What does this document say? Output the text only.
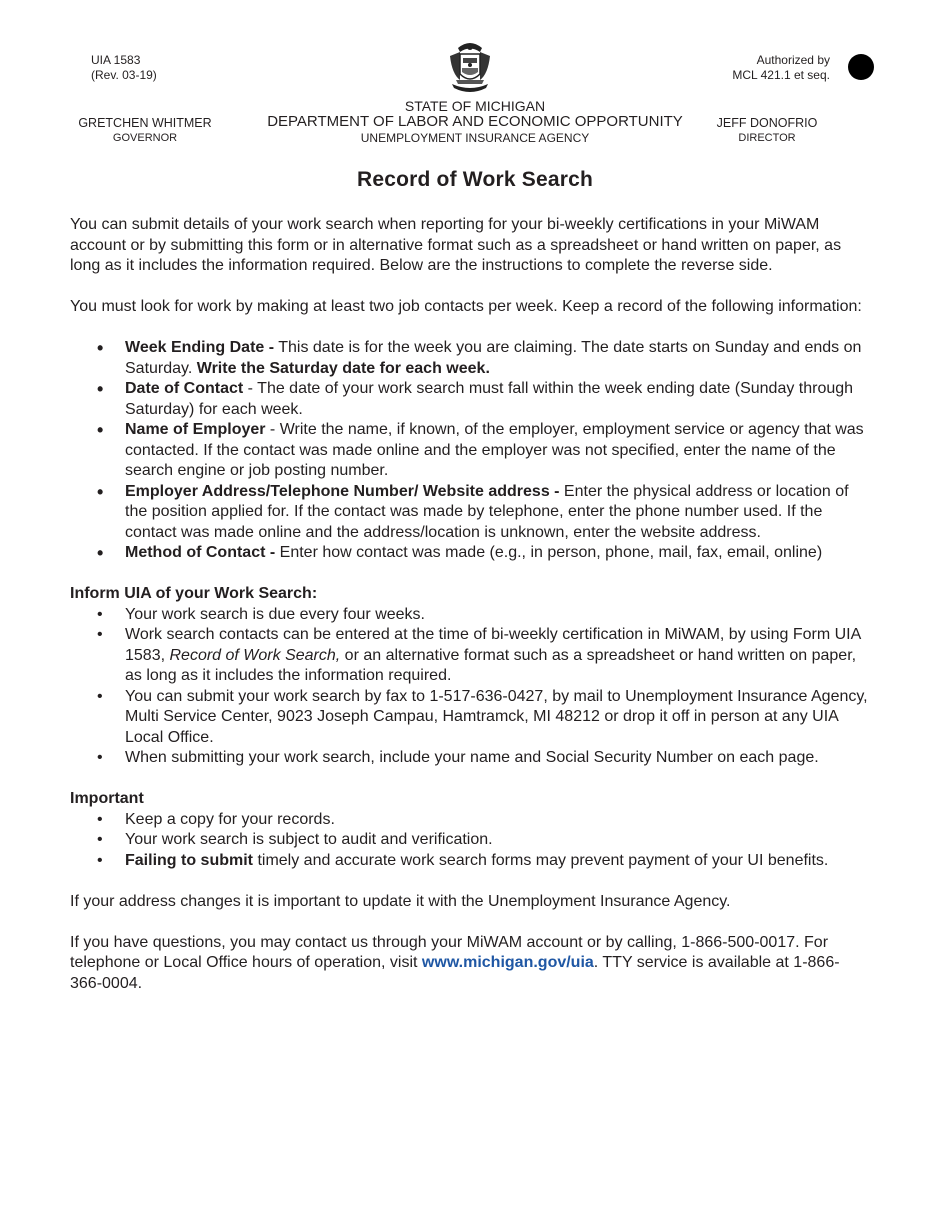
UIA 1583
(Rev. 03-19)
Authorized by
MCL 421.1 et seq.
STATE OF MICHIGAN
DEPARTMENT OF LABOR AND ECONOMIC OPPORTUNITY
UNEMPLOYMENT INSURANCE AGENCY
GRETCHEN WHITMER
GOVERNOR
JEFF DONOFRIO
DIRECTOR
Record of Work Search

You can submit details of your work search when reporting for your bi-weekly certifications in your MiWAM account or by submitting this form or in alternative format such as a spreadsheet or hand written on paper, as long as it includes the information required. Below are the instructions to complete the reverse side.

You must look for work by making at least two job contacts per week. Keep a record of the following information:

• Week Ending Date - This date is for the week you are claiming. The date starts on Sunday and ends on Saturday. Write the Saturday date for each week.
• Date of Contact - The date of your work search must fall within the week ending date (Sunday through Saturday) for each week.
• Name of Employer - Write the name, if known, of the employer, employment service or agency that was contacted. If the contact was made online and the employer was not specified, enter the name of the search engine or job posting number.
• Employer Address/Telephone Number/ Website address - Enter the physical address or location of the position applied for. If the contact was made by telephone, enter the phone number used. If the contact was made online and the address/location is unknown, enter the website address.
• Method of Contact - Enter how contact was made (e.g., in person, phone, mail, fax, email, online)
Inform UIA of your Work Search:
• Your work search is due every four weeks.
• Work search contacts can be entered at the time of bi-weekly certification in MiWAM, by using Form UIA 1583, Record of Work Search, or an alternative format such as a spreadsheet or hand written on paper, as long as it includes the information required.
• You can submit your work search by fax to 1-517-636-0427, by mail to Unemployment Insurance Agency, Multi Service Center, 9023 Joseph Campau, Hamtramck, MI 48212 or drop it off in person at any UIA Local Office.
• When submitting your work search, include your name and Social Security Number on each page.
Important
• Keep a copy for your records.
• Your work search is subject to audit and verification.
• Failing to submit timely and accurate work search forms may prevent payment of your UI benefits.

If your address changes it is important to update it with the Unemployment Insurance Agency.

If you have questions, you may contact us through your MiWAM account or by calling, 1-866-500-0017. For telephone or Local Office hours of operation, visit www.michigan.gov/uia. TTY service is available at 1-866-366-0004.
